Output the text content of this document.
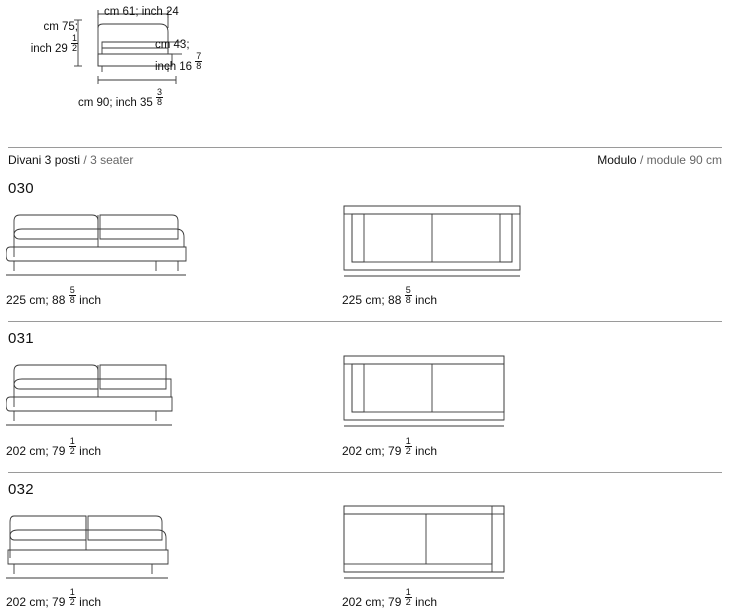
cm 75;
inch $29 \frac{1}{2}$
cm 61; inch 24
cm 43;
inch $16 \frac{7}{8}$
cm 90; inch $35 \frac{3}{8}$
Divani 3 posti / 3 seater	Modulo / module 90 cm
030
225 cm; $88 \frac{5}{8}$ inch	225 cm; $88 \frac{5}{8}$ inch
031
202 cm; $79 \frac{1}{2}$ inch	202 cm; $79 \frac{1}{2}$ inch
032
202 cm; $79 \frac{1}{2}$ inch	202 cm; $79 \frac{1}{2}$ inch
